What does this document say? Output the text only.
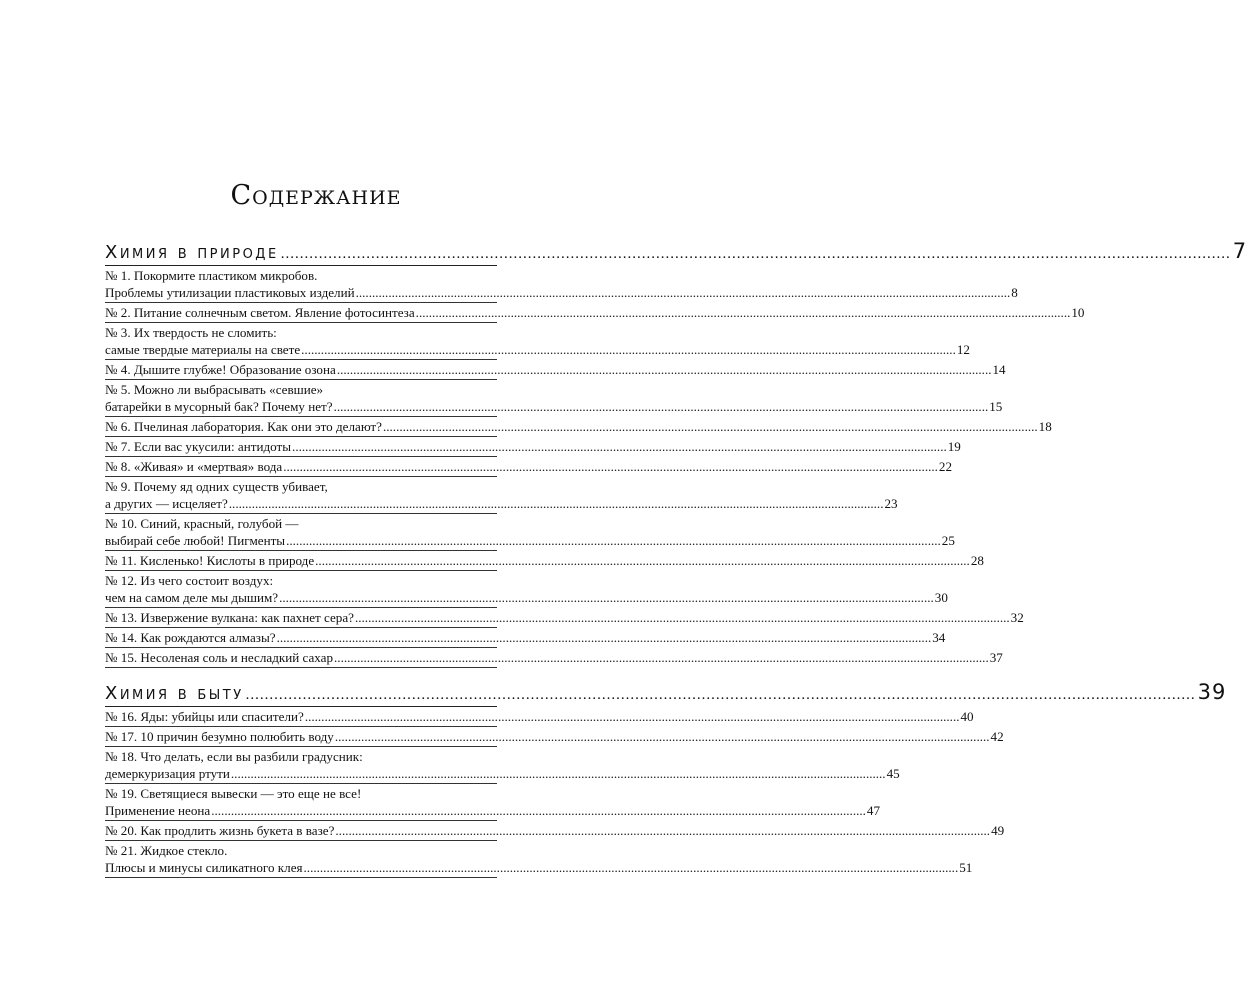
Содержание
Химия в природе ........................................................................................................................................................................................................ 7
№ 1. Покормите пластиком микробов.
Проблемы утилизации пластиковых изделий ........................................................................................................................................................................................................ 8
№ 2. Питание солнечным светом. Явление фотосинтеза ........................................................................................................................................................................................................ 10
№ 3. Их твердость не сломить:
самые твердые материалы на свете ........................................................................................................................................................................................................ 12
№ 4. Дышите глубже! Образование озона ........................................................................................................................................................................................................ 14
№ 5. Можно ли выбрасывать «севшие»
батарейки в мусорный бак? Почему нет? ........................................................................................................................................................................................................ 15
№ 6. Пчелиная лаборатория. Как они это делают? ........................................................................................................................................................................................................ 18
№ 7. Если вас укусили: антидоты ........................................................................................................................................................................................................ 19
№ 8. «Живая» и «мертвая» вода ........................................................................................................................................................................................................ 22
№ 9. Почему яд одних существ убивает,
а других — исцеляет? ........................................................................................................................................................................................................ 23
№ 10. Синий, красный, голубой —
выбирай себе любой! Пигменты ........................................................................................................................................................................................................ 25
№ 11. Кисленько! Кислоты в природе ........................................................................................................................................................................................................ 28
№ 12. Из чего состоит воздух:
чем на самом деле мы дышим? ........................................................................................................................................................................................................ 30
№ 13. Извержение вулкана: как пахнет сера? ........................................................................................................................................................................................................ 32
№ 14. Как рождаются алмазы? ........................................................................................................................................................................................................ 34
№ 15. Несоленая соль и несладкий сахар ........................................................................................................................................................................................................ 37
Химия в быту ........................................................................................................................................................................................................ 39
№ 16. Яды: убийцы или спасители? ........................................................................................................................................................................................................ 40
№ 17. 10 причин безумно полюбить воду ........................................................................................................................................................................................................ 42
№ 18. Что делать, если вы разбили градусник:
демеркуризация ртути ........................................................................................................................................................................................................ 45
№ 19. Светящиеся вывески — это еще не все!
Применение неона ........................................................................................................................................................................................................ 47
№ 20. Как продлить жизнь букета в вазе? ........................................................................................................................................................................................................ 49
№ 21. Жидкое стекло.
Плюсы и минусы силикатного клея ........................................................................................................................................................................................................ 51
